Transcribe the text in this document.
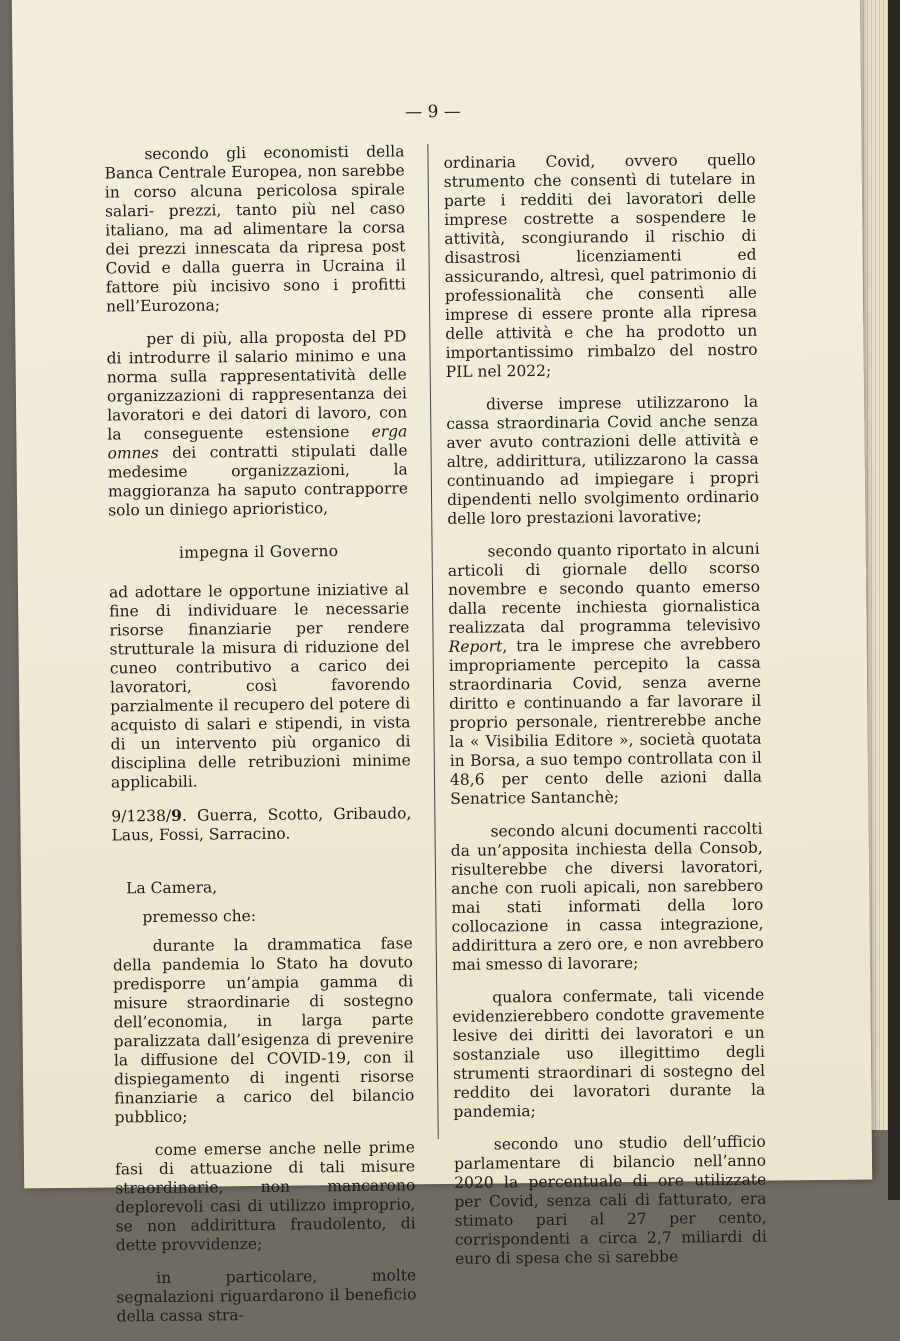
— 9 —

secondo gli economisti della Banca Centrale Europea, non sarebbe in corso alcuna pericolosa spirale salari- prezzi, tanto più nel caso italiano, ma ad alimentare la corsa dei prezzi innescata da ripresa post Covid e dalla guerra in Ucraina il fattore più incisivo sono i profitti nell’Eurozona;

per di più, alla proposta del PD di introdurre il salario minimo e una norma sulla rappresentatività delle organizzazioni di rappresentanza dei lavoratori e dei datori di lavoro, con la conseguente estensione erga omnes dei contratti stipulati dalle medesime organizzazioni, la maggioranza ha saputo contrapporre solo un diniego aprioristico,

impegna il Governo

ad adottare le opportune iniziative al fine di individuare le necessarie risorse finanziarie per rendere strutturale la misura di riduzione del cuneo contributivo a carico dei lavoratori, così favorendo parzialmente il recupero del potere di acquisto di salari e stipendi, in vista di un intervento più organico di disciplina delle retribuzioni minime applicabili.

9/1238/9. Guerra, Scotto, Gribaudo, Laus, Fossi, Sarracino.

La Camera,

premesso che:

durante la drammatica fase della pandemia lo Stato ha dovuto predisporre un’ampia gamma di misure straordinarie di sostegno dell’economia, in larga parte paralizzata dall’esigenza di prevenire la diffusione del COVID-19, con il dispiegamento di ingenti risorse finanziarie a carico del bilancio pubblico;

come emerse anche nelle prime fasi di attuazione di tali misure straordinarie, non mancarono deplorevoli casi di utilizzo improprio, se non addirittura fraudolento, di dette provvidenze;

in particolare, molte segnalazioni riguardarono il beneficio della cassa stra-

ordinaria Covid, ovvero quello strumento che consentì di tutelare in parte i redditi dei lavoratori delle imprese costrette a sospendere le attività, scongiurando il rischio di disastrosi licenziamenti ed assicurando, altresì, quel patrimonio di professionalità che consentì alle imprese di essere pronte alla ripresa delle attività e che ha prodotto un importantissimo rimbalzo del nostro PIL nel 2022;

diverse imprese utilizzarono la cassa straordinaria Covid anche senza aver avuto contrazioni delle attività e altre, addirittura, utilizzarono la cassa continuando ad impiegare i propri dipendenti nello svolgimento ordinario delle loro prestazioni lavorative;

secondo quanto riportato in alcuni articoli di giornale dello scorso novembre e secondo quanto emerso dalla recente inchiesta giornalistica realizzata dal programma televisivo Report, tra le imprese che avrebbero impropriamente percepito la cassa straordinaria Covid, senza averne diritto e continuando a far lavorare il proprio personale, rientrerebbe anche la « Visibilia Editore », società quotata in Borsa, a suo tempo controllata con il 48,6 per cento delle azioni dalla Senatrice Santanchè;

secondo alcuni documenti raccolti da un’apposita inchiesta della Consob, risulterebbe che diversi lavoratori, anche con ruoli apicali, non sarebbero mai stati informati della loro collocazione in cassa integrazione, addirittura a zero ore, e non avrebbero mai smesso di lavorare;

qualora confermate, tali vicende evidenzierebbero condotte gravemente lesive dei diritti dei lavoratori e un sostanziale uso illegittimo degli strumenti straordinari di sostegno del reddito dei lavoratori durante la pandemia;

secondo uno studio dell’ufficio parlamentare di bilancio nell’anno 2020 la percentuale di ore utilizzate per Covid, senza cali di fatturato, era stimato pari al 27 per cento, corrispondenti a circa 2,7 miliardi di euro di spesa che si sarebbe
